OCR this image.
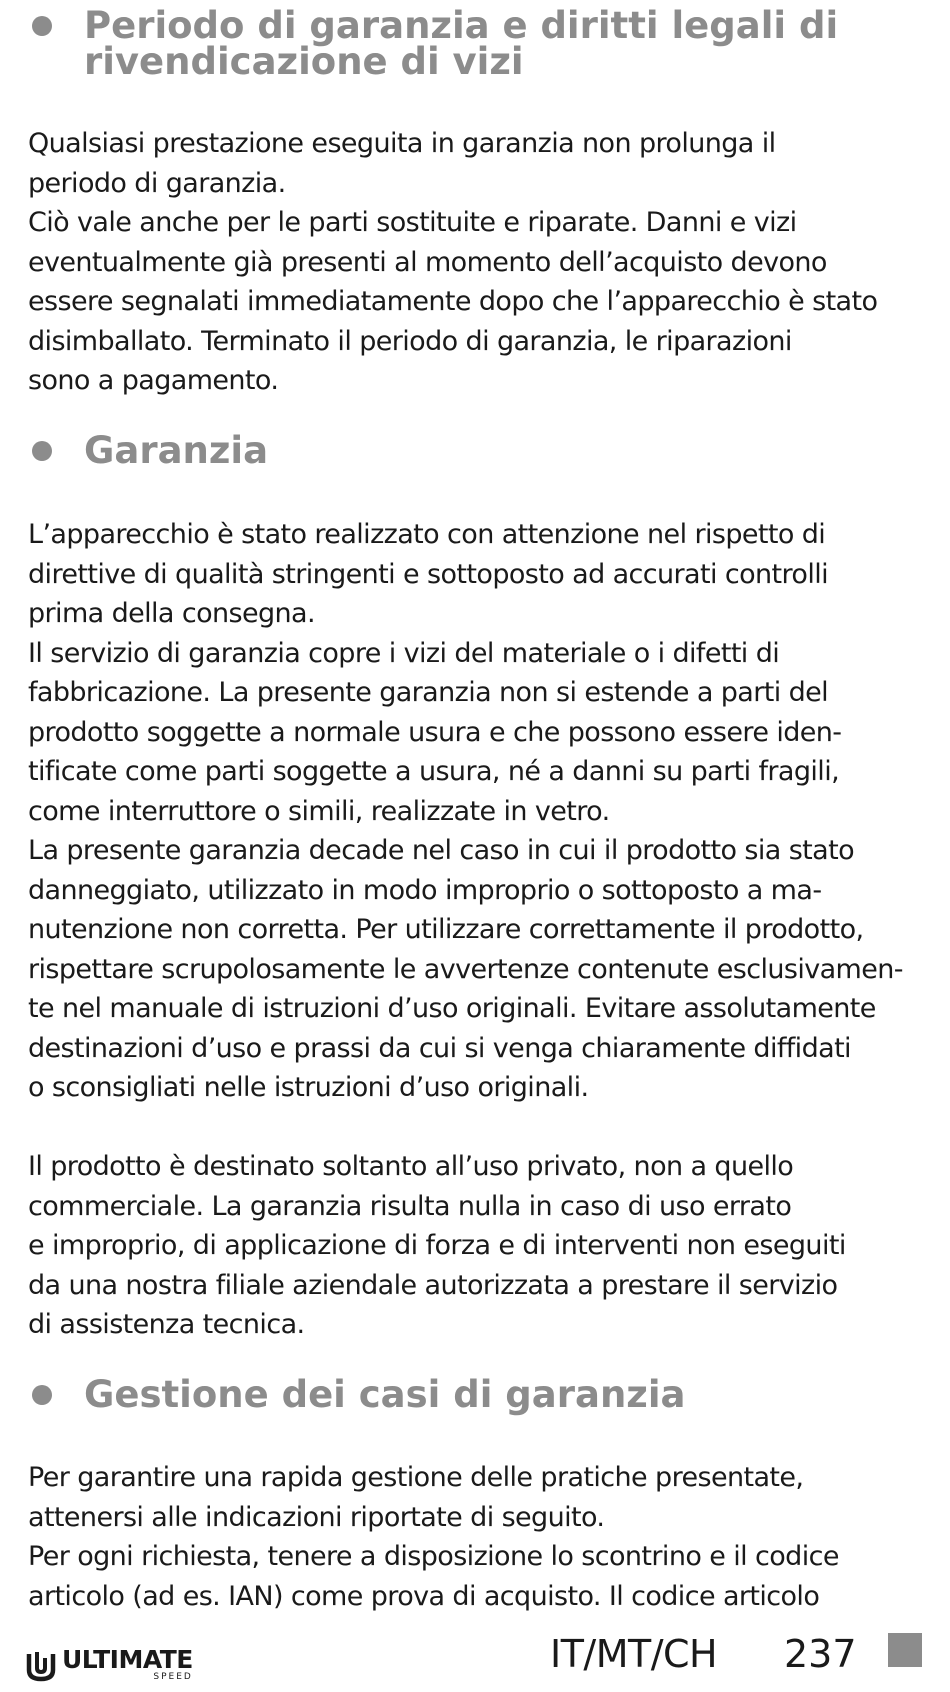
Periodo di garanzia e diritti legali di
rivendicazione di vizi

Qualsiasi prestazione eseguita in garanzia non prolunga il
periodo di garanzia.
Ciò vale anche per le parti sostituite e riparate. Danni e vizi
eventualmente già presenti al momento dell’acquisto devono
essere segnalati immediatamente dopo che l’apparecchio è stato
disimballato. Terminato il periodo di garanzia, le riparazioni
sono a pagamento.

Garanzia

L’apparecchio è stato realizzato con attenzione nel rispetto di
direttive di qualità stringenti e sottoposto ad accurati controlli
prima della consegna.
Il servizio di garanzia copre i vizi del materiale o i difetti di
fabbricazione. La presente garanzia non si estende a parti del
prodotto soggette a normale usura e che possono essere iden-
tificate come parti soggette a usura, né a danni su parti fragili,
come interruttore o simili, realizzate in vetro.
La presente garanzia decade nel caso in cui il prodotto sia stato
danneggiato, utilizzato in modo improprio o sottoposto a ma-
nutenzione non corretta. Per utilizzare correttamente il prodotto,
rispettare scrupolosamente le avvertenze contenute esclusivamen-
te nel manuale di istruzioni d’uso originali. Evitare assolutamente
destinazioni d’uso e prassi da cui si venga chiaramente diffidati
o sconsigliati nelle istruzioni d’uso originali.

Il prodotto è destinato soltanto all’uso privato, non a quello
commerciale. La garanzia risulta nulla in caso di uso errato
e improprio, di applicazione di forza e di interventi non eseguiti
da una nostra filiale aziendale autorizzata a prestare il servizio
di assistenza tecnica.

Gestione dei casi di garanzia

Per garantire una rapida gestione delle pratiche presentate,
attenersi alle indicazioni riportate di seguito.
Per ogni richiesta, tenere a disposizione lo scontrino e il codice
articolo (ad es. IAN) come prova di acquisto. Il codice articolo

ULTIMATE
SPEED
IT/MT/CH 237
